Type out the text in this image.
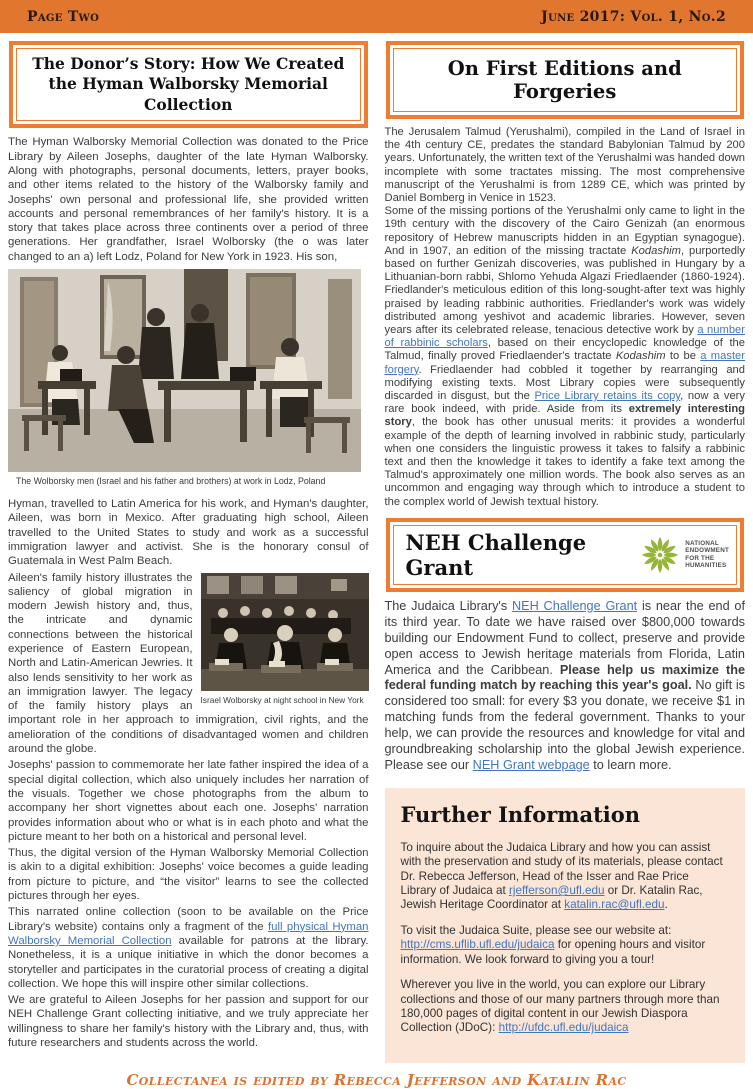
Page Two	June 2017: Vol. 1, No.2
The Donor’s Story: How We Created the Hyman Walborsky Memorial Collection

The Hyman Walborsky Memorial Collection was donated to the Price Library by Aileen Josephs, daughter of the late Hyman Walborsky. Along with photographs, personal documents, letters, prayer books, and other items related to the history of the Walborsky family and Josephs' own personal and professional life, she provided written accounts and personal remembrances of her family's history. It is a story that takes place across three continents over a period of three generations. Her grandfather, Israel Wolborsky (the o was later changed to an a) left Lodz, Poland for New York in 1923. His son,

The Wolborsky men (Israel and his father and brothers) at work in Lodz, Poland

Hyman, travelled to Latin America for his work, and Hyman's daughter, Aileen, was born in Mexico. After graduating high school, Aileen travelled to the United States to study and work as a successful immigration lawyer and activist. She is the honorary consul of Guatemala in West Palm Beach.

Israel Wolborsky at night school in New York

Aileen's family history illustrates the saliency of global migration in modern Jewish history and, thus, the intricate and dynamic connections between the historical experience of Eastern European, North and Latin-American Jewries. It also lends sensitivity to her work as an immigration lawyer. The legacy of the family history plays an important role in her approach to immigration, civil rights, and the amelioration of the conditions of disadvantaged women and children around the globe.

Josephs' passion to commemorate her late father inspired the idea of a special digital collection, which also uniquely includes her narration of the visuals. Together we chose photographs from the album to accompany her short vignettes about each one. Josephs' narration provides information about who or what is in each photo and what the picture meant to her both on a historical and personal level.

Thus, the digital version of the Hyman Walborsky Memorial Collection is akin to a digital exhibition: Josephs' voice becomes a guide leading from picture to picture, and “the visitor” learns to see the collected pictures through her eyes.

This narrated online collection (soon to be available on the Price Library's website) contains only a fragment of the full physical Hyman Walborsky Memorial Collection available for patrons at the library. Nonetheless, it is a unique initiative in which the donor becomes a storyteller and participates in the curatorial process of creating a digital collection. We hope this will inspire other similar collections.

We are grateful to Aileen Josephs for her passion and support for our NEH Challenge Grant collecting initiative, and we truly appreciate her willingness to share her family's history with the Library and, thus, with future researchers and students across the world.

On First Editions and Forgeries

The Jerusalem Talmud (Yerushalmi), compiled in the Land of Israel in the 4th century CE, predates the standard Babylonian Talmud by 200 years. Unfortunately, the written text of the Yerushalmi was handed down incomplete with some tractates missing. The most comprehensive manuscript of the Yerushalmi is from 1289 CE, which was printed by Daniel Bomberg in Venice in 1523.

Some of the missing portions of the Yerushalmi only came to light in the 19th century with the discovery of the Cairo Genizah (an enormous repository of Hebrew manuscripts hidden in an Egyptian synagogue). And in 1907, an edition of the missing tractate Kodashim, purportedly based on further Genizah discoveries, was published in Hungary by a Lithuanian-born rabbi, Shlomo Yehuda Algazi Friedlaender (1860-1924). Friedlander's meticulous edition of this long-sought-after text was highly praised by leading rabbinic authorities. Friedlander's work was widely distributed among yeshivot and academic libraries. However, seven years after its celebrated release, tenacious detective work by a number of rabbinic scholars, based on their encyclopedic knowledge of the Talmud, finally proved Friedlaender's tractate Kodashim to be a master forgery. Friedlaender had cobbled it together by rearranging and modifying existing texts. Most Library copies were subsequently discarded in disgust, but the Price Library retains its copy, now a very rare book indeed, with pride. Aside from its extremely interesting story, the book has other unusual merits: it provides a wonderful example of the depth of learning involved in rabbinic study, particularly when one considers the linguistic prowess it takes to falsify a rabbinic text and then the knowledge it takes to identify a fake text among the Talmud's approximately one million words. The book also serves as an uncommon and engaging way through which to introduce a student to the complex world of Jewish textual history.

NEH Challenge Grant
NATIONAL
ENDOWMENT
FOR THE
HUMANITIES

The Judaica Library's NEH Challenge Grant is near the end of its third year. To date we have raised over $800,000 towards building our Endowment Fund to collect, preserve and provide open access to Jewish heritage materials from Florida, Latin America and the Caribbean. Please help us maximize the federal funding match by reaching this year's goal. No gift is considered too small: for every $3 you donate, we receive $1 in matching funds from the federal government. Thanks to your help, we can provide the resources and knowledge for vital and groundbreaking scholarship into the global Jewish experience. Please see our NEH Grant webpage to learn more.

Further Information

To inquire about the Judaica Library and how you can assist with the preservation and study of its materials, please contact Dr. Rebecca Jefferson, Head of the Isser and Rae Price Library of Judaica at rjefferson@ufl.edu or Dr. Katalin Rac, Jewish Heritage Coordinator at katalin.rac@ufl.edu.

To visit the Judaica Suite, please see our website at: http://cms.uflib.ufl.edu/judaica for opening hours and visitor information. We look forward to giving you a tour!

Wherever you live in the world, you can explore our Library collections and those of our many partners through more than 180,000 pages of digital content in our Jewish Diaspora Collection (JDoC): http://ufdc.ufl.edu/judaica

Collectanea is edited by Rebecca Jefferson and Katalin Rac
